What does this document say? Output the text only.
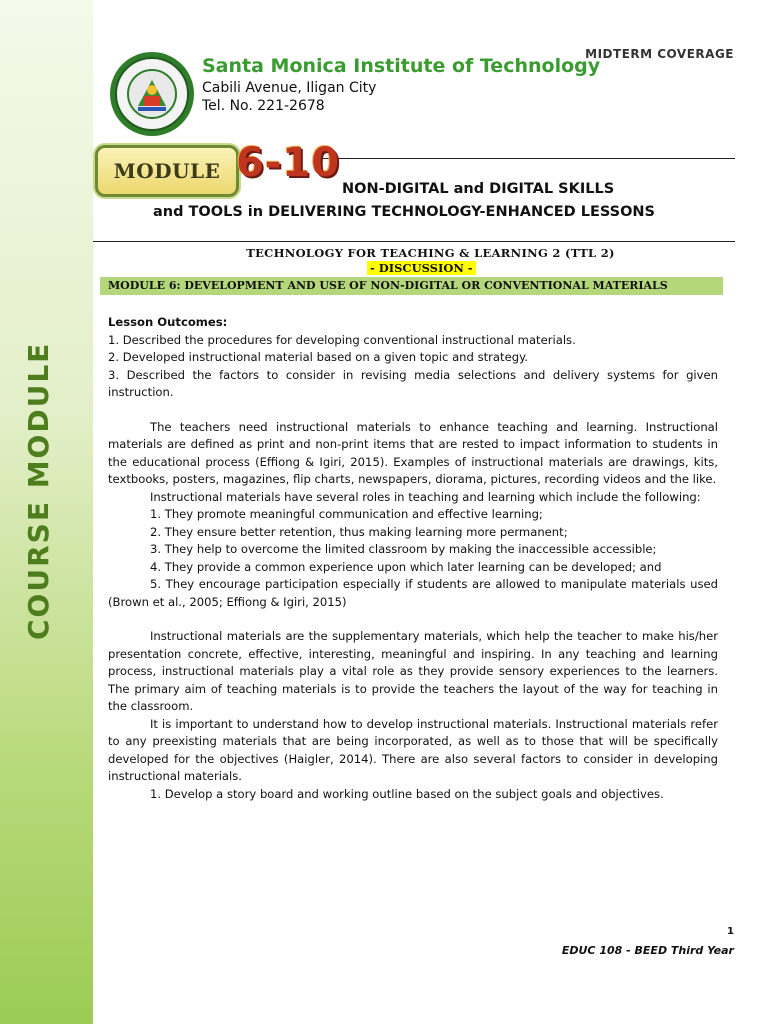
COURSE MODULE
MIDTERM COVERAGE
Santa Monica Institute of Technology
Cabili Avenue, Iligan City
Tel. No. 221-2678
MODULE 6-10
NON-DIGITAL and DIGITAL SKILLS
and TOOLS in DELIVERING TECHNOLOGY-ENHANCED LESSONS
TECHNOLOGY FOR TEACHING & LEARNING 2 (TTL 2)
- DISCUSSION -
MODULE 6: DEVELOPMENT AND USE OF NON-DIGITAL OR CONVENTIONAL MATERIALS
Lesson Outcomes:
1. Described the procedures for developing conventional instructional materials.
2. Developed instructional material based on a given topic and strategy.
3. Described the factors to consider in revising media selections and delivery systems for given instruction.

The teachers need instructional materials to enhance teaching and learning. Instructional materials are defined as print and non-print items that are rested to impact information to students in the educational process (Effiong & Igiri, 2015). Examples of instructional materials are drawings, kits, textbooks, posters, magazines, flip charts, newspapers, diorama, pictures, recording videos and the like.

Instructional materials have several roles in teaching and learning which include the following:

1. They promote meaningful communication and effective learning;
2. They ensure better retention, thus making learning more permanent;
3. They help to overcome the limited classroom by making the inaccessible accessible;
4. They provide a common experience upon which later learning can be developed; and
5. They encourage participation especially if students are allowed to manipulate materials used (Brown et al., 2005; Effiong & Igiri, 2015)

Instructional materials are the supplementary materials, which help the teacher to make his/her presentation concrete, effective, interesting, meaningful and inspiring. In any teaching and learning process, instructional materials play a vital role as they provide sensory experiences to the learners. The primary aim of teaching materials is to provide the teachers the layout of the way for teaching in the classroom.

It is important to understand how to develop instructional materials. Instructional materials refer to any preexisting materials that are being incorporated, as well as to those that will be specifically developed for the objectives (Haigler, 2014). There are also several factors to consider in developing instructional materials.

1. Develop a story board and working outline based on the subject goals and objectives.

1
EDUC 108 - BEED Third Year
